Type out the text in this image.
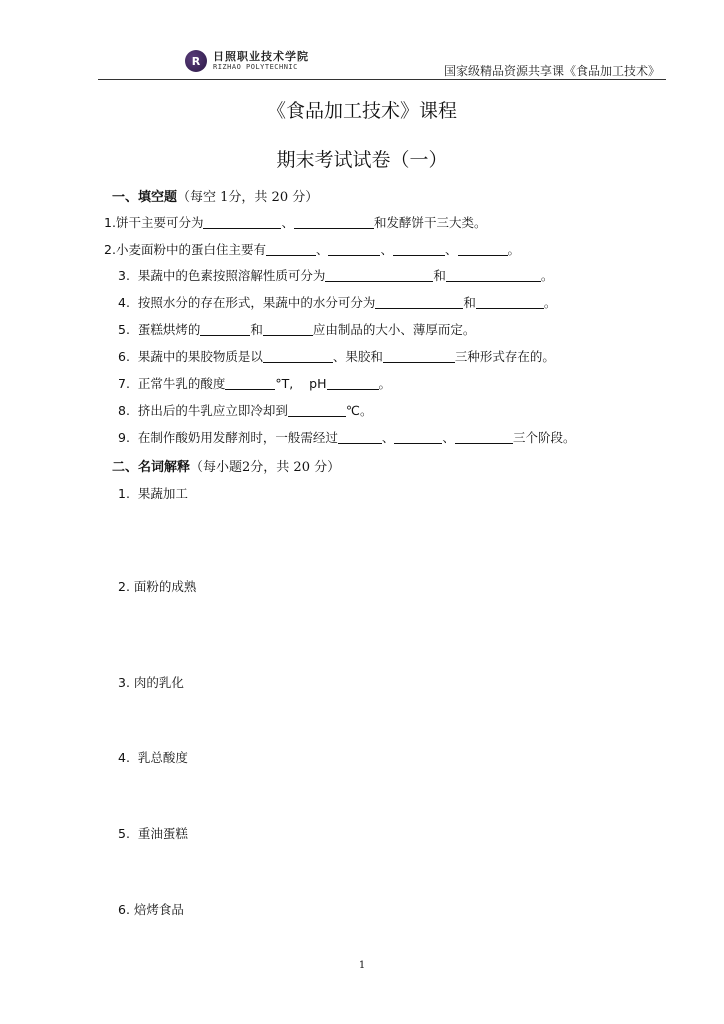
R 日照职业技术学院
RIZHAO POLYTECHNIC	国家级精品资源共享课《食品加工技术》
《食品加工技术》课程
期末考试试卷（一）
一、填空题（每空 1分，共 20 分）
1.饼干主要可分为	、	和发酵饼干三大类。
2.小麦面粉中的蛋白住主要有	、	、	、	。
3. 果蔬中的色素按照溶解性质可分为	和	。
4. 按照水分的存在形式，果蔬中的水分可分为	和	。
5. 蛋糕烘烤的	和	应由制品的大小、薄厚而定。
6. 果蔬中的果胶物质是以	、果胶和	三种形式存在的。
7. 正常牛乳的酸度	°T, pH	。
8. 挤出后的牛乳应立即冷却到	℃。
9. 在制作酸奶用发酵剂时，一般需经过	、	、	三个阶段。
二、名词解释（每小题2分，共 20 分）
1. 果蔬加工
2. 面粉的成熟
3. 肉的乳化
4. 乳总酸度
5. 重油蛋糕
6. 焙烤食品
1
